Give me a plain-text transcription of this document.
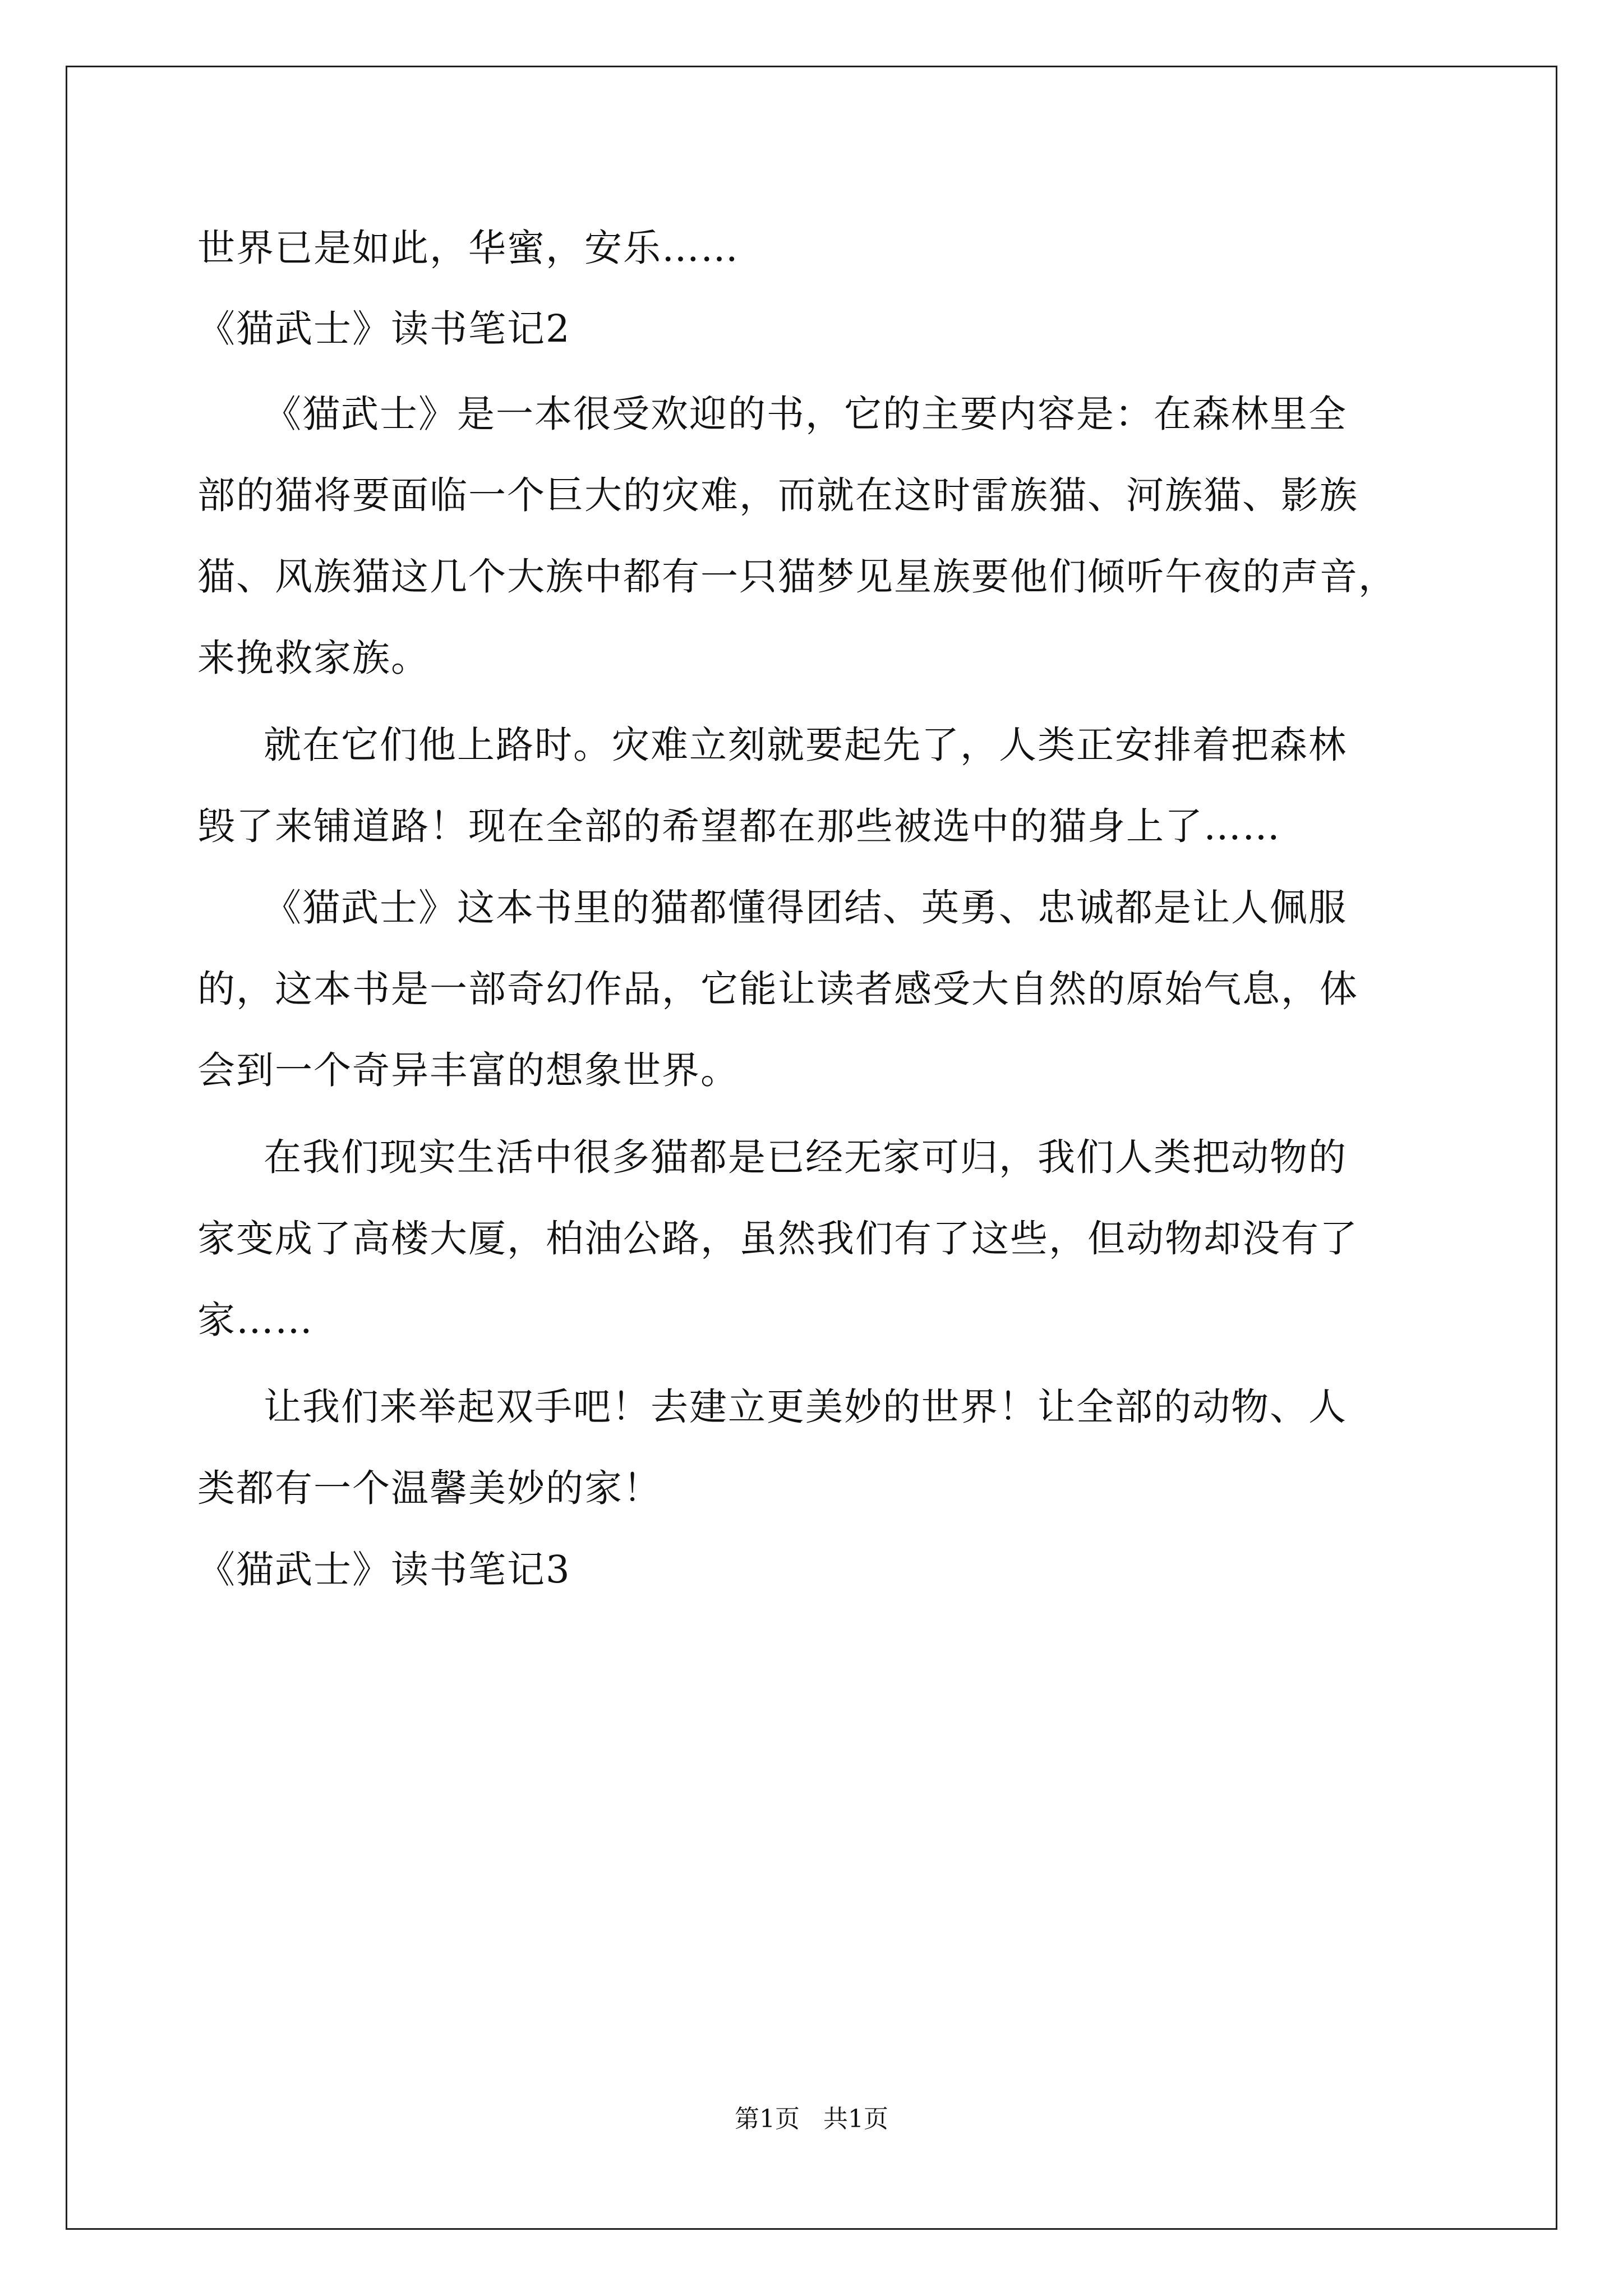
世界已是如此，华蜜，安乐……
《猫武士》读书笔记2
《猫武士》是一本很受欢迎的书，它的主要内容是：在森林里全
部的猫将要面临一个巨大的灾难，而就在这时雷族猫、河族猫、影族
猫、风族猫这几个大族中都有一只猫梦见星族要他们倾听午夜的声音，
来挽救家族。
就在它们他上路时。灾难立刻就要起先了，人类正安排着把森林
毁了来铺道路！现在全部的希望都在那些被选中的猫身上了……
《猫武士》这本书里的猫都懂得团结、英勇、忠诚都是让人佩服
的，这本书是一部奇幻作品，它能让读者感受大自然的原始气息，体
会到一个奇异丰富的想象世界。
在我们现实生活中很多猫都是已经无家可归，我们人类把动物的
家变成了高楼大厦，柏油公路，虽然我们有了这些，但动物却没有了
家……
让我们来举起双手吧！去建立更美妙的世界！让全部的动物、人
类都有一个温馨美妙的家！
《猫武士》读书笔记3
第1页   共1页
